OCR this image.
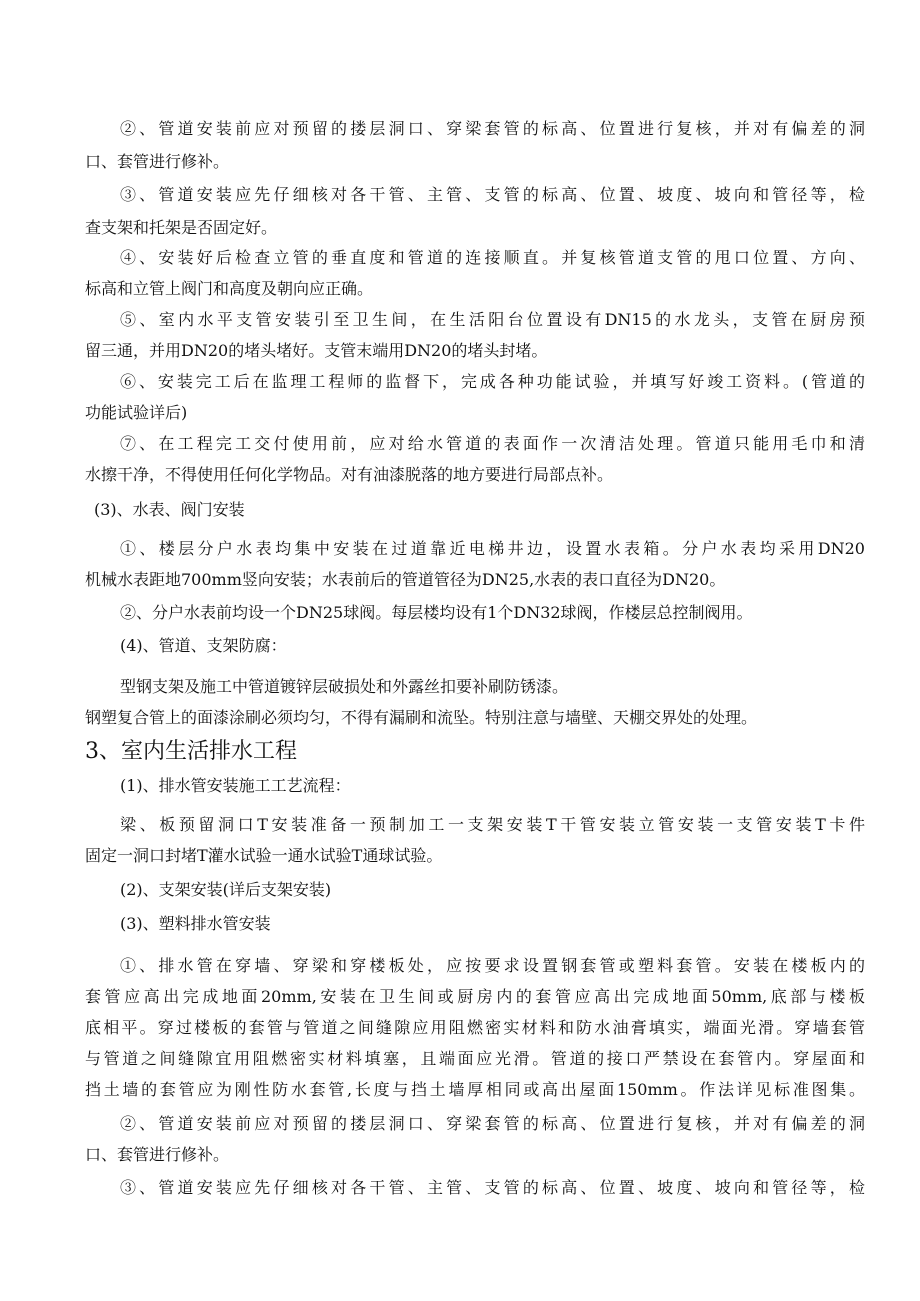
②、管道安装前应对预留的搂层洞口、穿梁套管的标高、位置进行复核，并对有偏差的洞
口、套管进行修补。
③、管道安装应先仔细核对各干管、主管、支管的标高、位置、坡度、坡向和管径等，检
查支架和托架是否固定好。
④、安装好后检查立管的垂直度和管道的连接顺直。并复核管道支管的甩口位置、方向、
标高和立管上阀门和高度及朝向应正确。
⑤、室内水平支管安装引至卫生间，在生活阳台位置设有DN15的水龙头，支管在厨房预
留三通，并用DN20的堵头堵好。支管末端用DN20的堵头封堵。
⑥、安装完工后在监理工程师的监督下，完成各种功能试验，并填写好竣工资料。(管道的
功能试验详后)
⑦、在工程完工交付使用前，应对给水管道的表面作一次清洁处理。管道只能用毛巾和清
水擦干净，不得使用任何化学物品。对有油漆脱落的地方要进行局部点补。
(3)、水表、阀门安装
①、楼层分户水表均集中安装在过道靠近电梯井边，设置水表箱。分户水表均采用DN20
机械水表距地700mm竖向安装；水表前后的管道管径为DN25,水表的表口直径为DN20。
②、分户水表前均设一个DN25球阀。每层楼均设有1个DN32球阀，作楼层总控制阀用。
(4)、管道、支架防腐：
型钢支架及施工中管道镀锌层破损处和外露丝扣要补刷防锈漆。
钢塑复合管上的面漆涂刷必须均匀，不得有漏刷和流坠。特别注意与墙壁、天棚交界处的处理。
3、室内生活排水工程
(1)、排水管安装施工工艺流程：
梁、板预留洞口T安装准备一预制加工一支架安装T干管安装立管安装一支管安装T卡件
固定一洞口封堵T灌水试验一通水试验T通球试验。
(2)、支架安装(详后支架安装)
(3)、塑料排水管安装
①、排水管在穿墙、穿梁和穿楼板处，应按要求设置钢套管或塑料套管。安装在楼板内的
套管应高出完成地面20mm,安装在卫生间或厨房内的套管应高出完成地面50mm,底部与楼板
底相平。穿过楼板的套管与管道之间缝隙应用阻燃密实材料和防水油膏填实，端面光滑。穿墙套管
与管道之间缝隙宜用阻燃密实材料填塞，且端面应光滑。管道的接口严禁设在套管内。穿屋面和
挡土墙的套管应为刚性防水套管,长度与挡土墙厚相同或高出屋面150mm。作法详见标准图集。
②、管道安装前应对预留的搂层洞口、穿梁套管的标高、位置进行复核，并对有偏差的洞
口、套管进行修补。
③、管道安装应先仔细核对各干管、主管、支管的标高、位置、坡度、坡向和管径等，检
